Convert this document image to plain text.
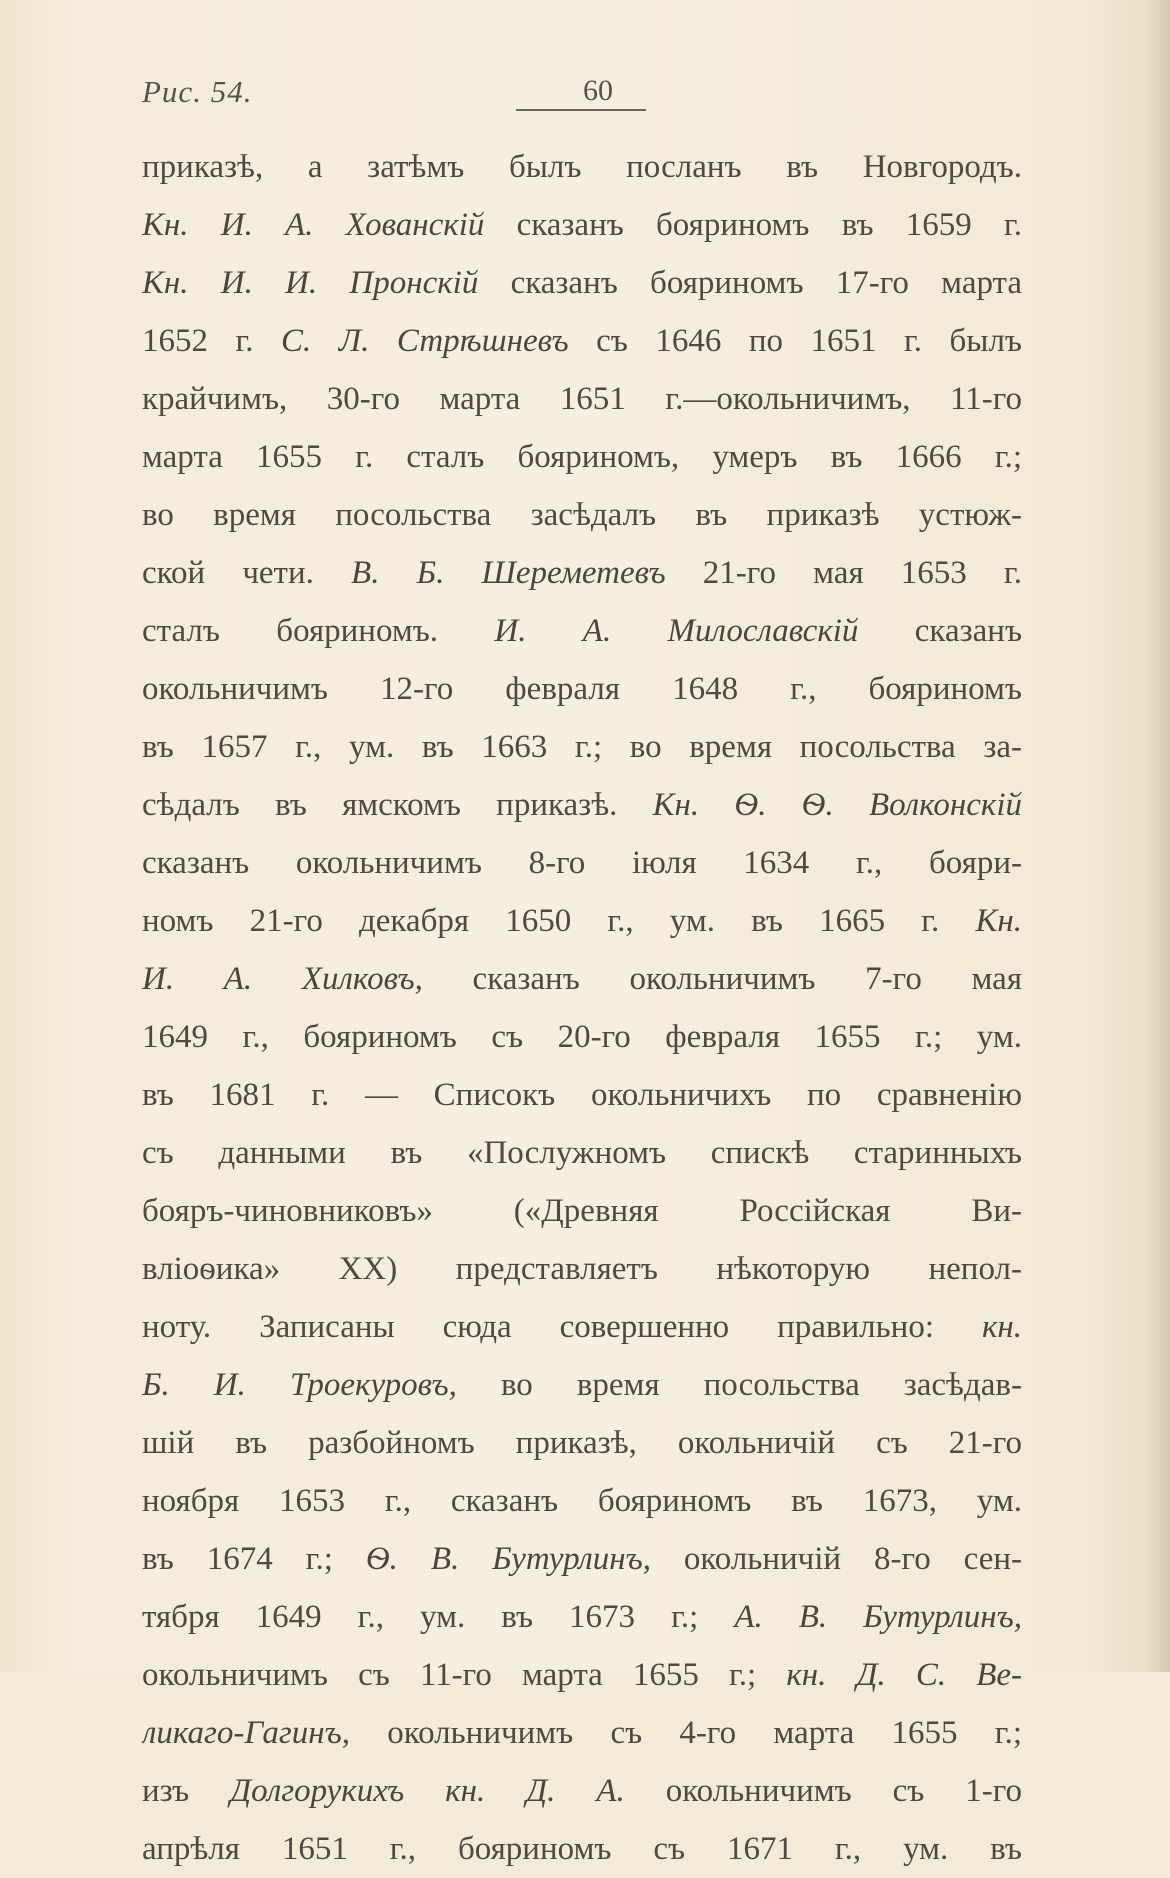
Рис. 54.	60
приказѣ, а затѣмъ былъ посланъ въ Новгородъ.
Кн. И. А. Хованскій сказанъ бояриномъ въ 1659 г.
Кн. И. И. Пронскій сказанъ бояриномъ 17-го марта
1652 г. С. Л. Стрѣшневъ съ 1646 по 1651 г. былъ
крайчимъ, 30-го марта 1651 г.—окольничимъ, 11-го
марта 1655 г. сталъ бояриномъ, умеръ въ 1666 г.;
во время посольства засѣдалъ въ приказѣ устюж-
ской чети. В. Б. Шереметевъ 21-го мая 1653 г.
сталъ бояриномъ. И. А. Милославскій сказанъ
окольничимъ 12-го февраля 1648 г., бояриномъ
въ 1657 г., ум. въ 1663 г.; во время посольства за-
сѣдалъ въ ямскомъ приказѣ. Кн. Ѳ. Ѳ. Волконскій
сказанъ окольничимъ 8-го іюля 1634 г., бояри-
номъ 21-го декабря 1650 г., ум. въ 1665 г. Кн.
И. А. Хилковъ, сказанъ окольничимъ 7-го мая
1649 г., бояриномъ съ 20-го февраля 1655 г.; ум.
въ 1681 г. — Списокъ окольничихъ по сравненію
съ данными въ «Послужномъ спискѣ старинныхъ
бояръ-чиновниковъ» («Древняя Россійская Ви-
вліоѳика» XX) представляетъ нѣкоторую непол-
ноту. Записаны сюда совершенно правильно: кн.
Б. И. Троекуровъ, во время посольства засѣдав-
шій въ разбойномъ приказѣ, окольничій съ 21-го
ноября 1653 г., сказанъ бояриномъ въ 1673, ум.
въ 1674 г.; Ѳ. В. Бутурлинъ, окольничій 8-го сен-
тября 1649 г., ум. въ 1673 г.; А. В. Бутурлинъ,
окольничимъ съ 11-го марта 1655 г.; кн. Д. С. Ве-
ликаго-Гагинъ, окольничимъ съ 4-го марта 1655 г.;
изъ Долгорукихъ кн. Д. А. окольничимъ съ 1-го
апрѣля 1651 г., бояриномъ съ 1671 г., ум. въ
